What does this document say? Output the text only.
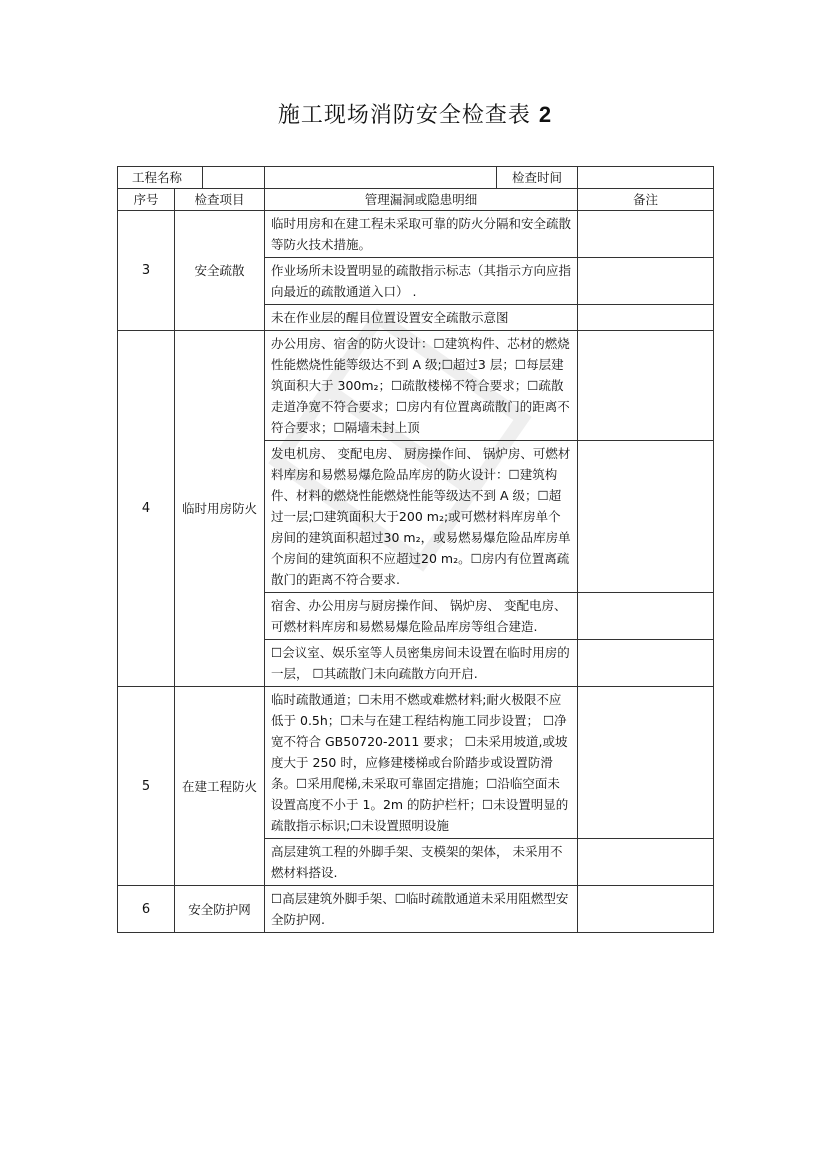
施工现场消防安全检查表 2
工程名称		检查时间	

序号	检查项目	管理漏洞或隐患明细	备注
3	安全疏散	临时用房和在建工程未采取可靠的防火分隔和安全疏散等防火技术措施。	
		作业场所未设置明显的疏散指示标志（其指示方向应指向最近的疏散通道入口） .	
		未在作业层的醒目位置设置安全疏散示意图	
4	临时用房防火	办公用房、宿舍的防火设计：☐建筑构件、芯材的燃烧性能燃烧性能等级达不到 A 级;☐超过3 层；☐每层建筑面积大于 300m₂；☐疏散楼梯不符合要求；☐疏散走道净宽不符合要求；☐房内有位置离疏散门的距离不符合要求；☐隔墙未封上顶	
		发电机房、 变配电房、 厨房操作间、 锅炉房、可燃材料库房和易燃易爆危险品库房的防火设计：☐建筑构件、材料的燃烧性能燃烧性能等级达不到 A 级；☐超过一层;☐建筑面积大于200 m₂;或可燃材料库房单个房间的建筑面积超过30 m₂，或易燃易爆危险品库房单个房间的建筑面积不应超过20 m₂。☐房内有位置离疏散门的距离不符合要求.	
		宿舍、办公用房与厨房操作间、 锅炉房、 变配电房、可燃材料库房和易燃易爆危险品库房等组合建造.	
		☐会议室、娱乐室等人员密集房间未设置在临时用房的一层， ☐其疏散门未向疏散方向开启.	
5	在建工程防火	临时疏散通道；☐未用不燃或难燃材料;耐火极限不应低于 0.5h；☐未与在建工程结构施工同步设置； ☐净宽不符合 GB50720-2011 要求； ☐未采用坡道,或坡度大于 250 时，应修建楼梯或台阶踏步或设置防滑条。☐采用爬梯,未采取可靠固定措施；☐沿临空面未设置高度不小于 1。2m 的防护栏杆；☐未设置明显的疏散指示标识;☐未设置照明设施	
		高层建筑工程的外脚手架、支模架的架体， 未采用不燃材料搭设.	
6	安全防护网	☐高层建筑外脚手架、☐临时疏散通道未采用阻燃型安全防护网.	
